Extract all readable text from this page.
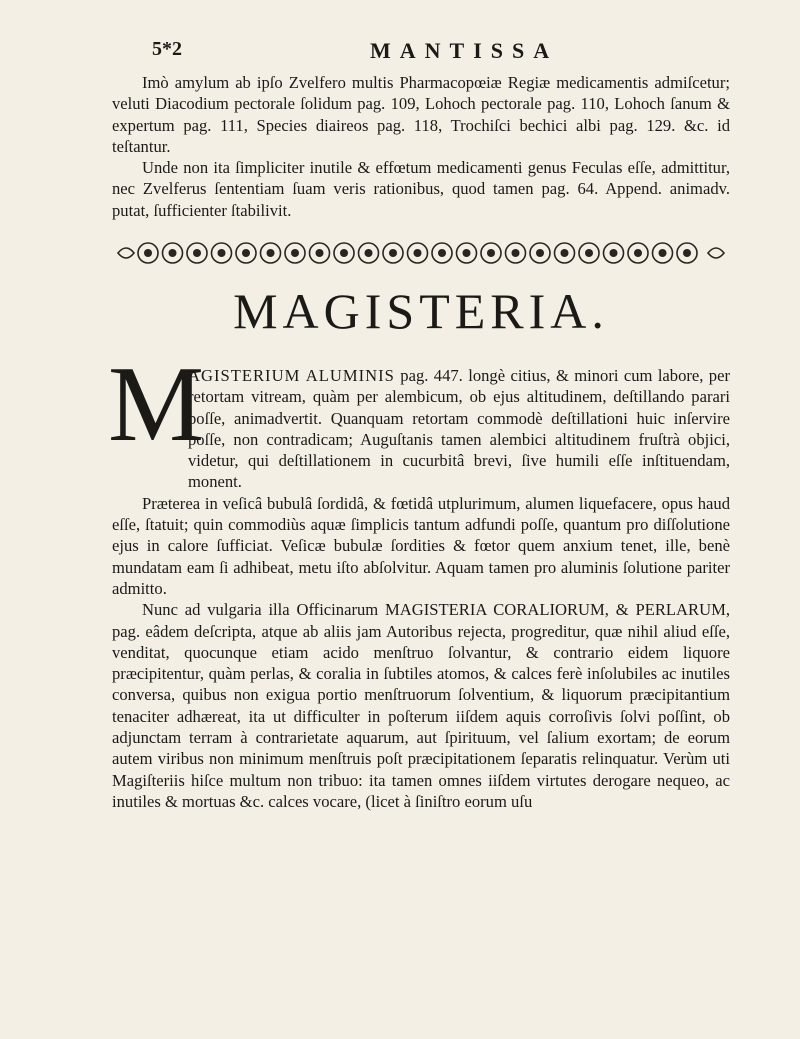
5*2	MANTISSA

Imò amylum ab ipſo Zvelfero multis Pharmacopœiæ Regiæ medicamentis admiſcetur; veluti Diacodium pectorale ſolidum pag. 109, Lohoch pectorale pag. 110, Lohoch ſanum & expertum pag. 111, Species diaireos pag. 118, Trochiſci bechici albi pag. 129. &c. id teſtantur.

Unde non ita ſimpliciter inutile & effœtum medicamenti genus Feculas eſſe, admittitur, nec Zvelferus ſententiam ſuam veris rationibus, quod tamen pag. 64. Append. animadv. putat, ſufficienter ſtabilivit.

MAGISTERIA.
M

AGISTERIUM ALUMINIS pag. 447. longè citius, & minori cum labore, per retortam vitream, quàm per alembicum, ob ejus altitudinem, deſtillando parari poſſe, animadvertit. Quanquam retortam commodè deſtillationi huic inſervire poſſe, non contradicam; Auguſtanis tamen alembici altitudinem fruſtrà objici, videtur, qui deſtillationem in cucurbitâ brevi, ſive humili eſſe inſtituendam, monent.

Præterea in veſicâ bubulâ ſordidâ, & fœtidâ utplurimum, alumen liquefacere, opus haud eſſe, ſtatuit; quin commodiùs aquæ ſimplicis tantum adfundi poſſe, quantum pro diſſolutione ejus in calore ſufficiat. Veſicæ bubulæ ſordities & fœtor quem anxium tenet, ille, benè mundatam eam ſi adhibeat, metu iſto abſolvitur. Aquam tamen pro aluminis ſolutione pariter admitto.

Nunc ad vulgaria illa Officinarum MAGISTERIA CORALIORUM, & PERLARUM, pag. eâdem deſcripta, atque ab aliis jam Autoribus rejecta, progreditur, quæ nihil aliud eſſe, venditat, quocunque etiam acido menſtruo ſolvantur, & contrario eidem liquore præcipitentur, quàm perlas, & coralia in ſubtiles atomos, & calces ferè inſolubiles ac inutiles conversa, quibus non exigua portio menſtruorum ſolventium, & liquorum præcipitantium tenaciter adhæreat, ita ut difficulter in poſterum iiſdem aquis corroſivis ſolvi poſſint, ob adjunctam terram à contrarietate aquarum, aut ſpirituum, vel ſalium exortam; de eorum autem viribus non minimum menſtruis poſt præcipitationem ſeparatis relinquatur. Verùm uti Magiſteriis hiſce multum non tribuo: ita tamen omnes iiſdem virtutes derogare nequeo, ac inutiles & mortuas &c. calces vocare, (licet à ſiniſtro eorum uſu
